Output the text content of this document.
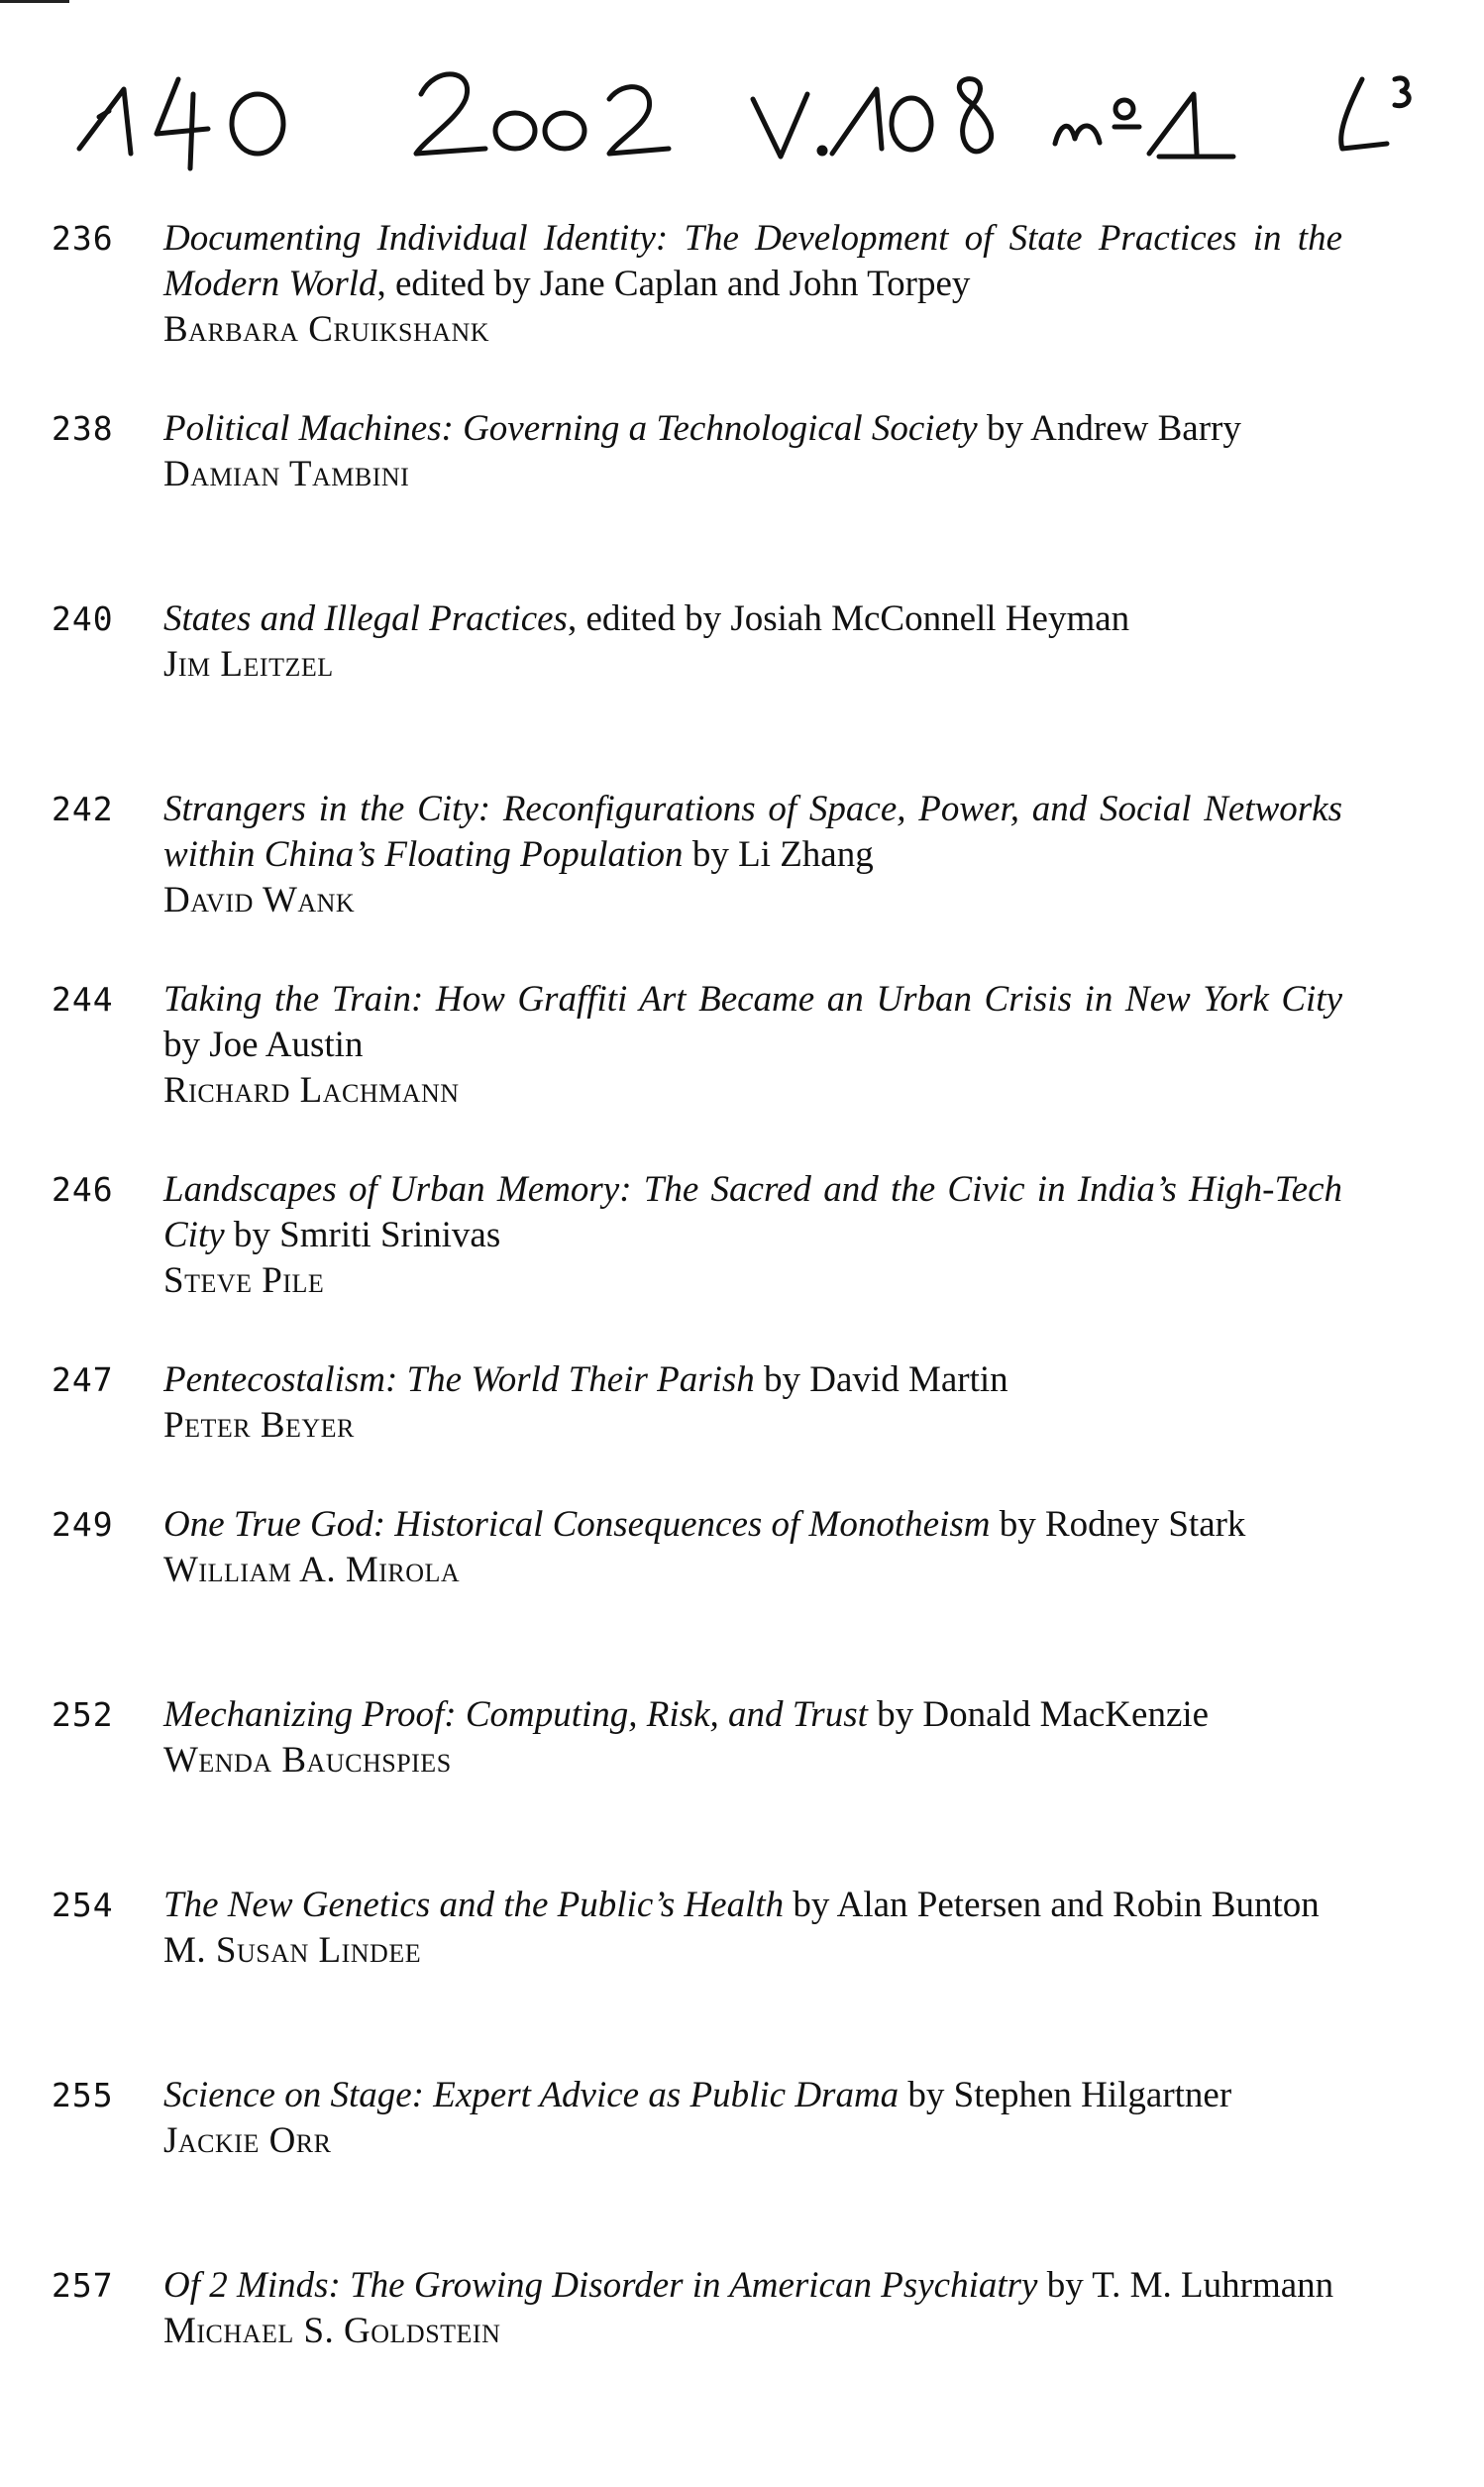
236	Documenting Individual Identity: The Development of State Practices in the Modern World, edited by Jane Caplan and John Torpey

Barbara Cruikshank

238	Political Machines: Governing a Technological Society by Andrew Barry

Damian Tambini

240	States and Illegal Practices, edited by Josiah McConnell Heyman

Jim Leitzel

242	Strangers in the City: Reconfigurations of Space, Power, and Social Networks within China’s Floating Population by Li Zhang

David Wank

244	Taking the Train: How Graffiti Art Became an Urban Crisis in New York City by Joe Austin

Richard Lachmann

246	Landscapes of Urban Memory: The Sacred and the Civic in India’s High-Tech City by Smriti Srinivas

Steve Pile

247	Pentecostalism: The World Their Parish by David Martin

Peter Beyer

249	One True God: Historical Consequences of Monotheism by Rodney Stark

William A. Mirola

252	Mechanizing Proof: Computing, Risk, and Trust by Donald MacKenzie

Wenda Bauchspies

254	The New Genetics and the Public’s Health by Alan Petersen and Robin Bunton

M. Susan Lindee

255	Science on Stage: Expert Advice as Public Drama by Stephen Hilgartner

Jackie Orr

257	Of 2 Minds: The Growing Disorder in American Psychiatry by T. M. Luhrmann

Michael S. Goldstein
